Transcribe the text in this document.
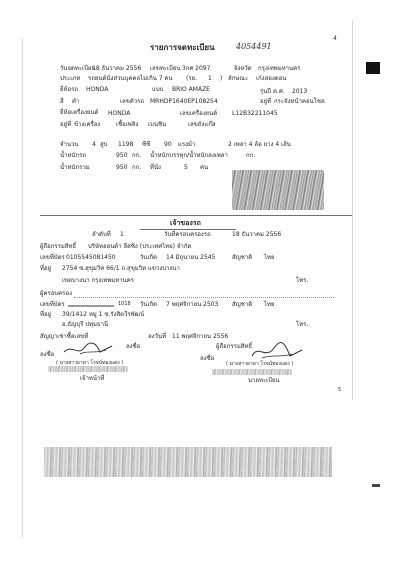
รายการจดทะเบียน	4054491
4
วันจดทะเบียน
18 ธันวาคม 2556 เลขทะเบียน 3กศ 2097	จังหวัด กรุงเทพมหานคร
ประเภท รถยนต์นั่งส่วนบุคคลไม่เกิน 7 คน (รย. 1 ) ลักษณะ เก๋งสองตอน
ยี่ห้อรถ HONDA	แบบ BRIO AMAZE	รุ่นปี ค.ศ. 2013
สี ดำ	เลขตัวรถ MRHDP1640EP108254	อยู่ที่ กระจังหน้าคอนโซล
ยี่ห้อเครื่องยนต์ HONDA	เลขเครื่องยนต์ L12B32211045
อยู่ที่ ข้างเครื่อง	เชื้อเพลิง เบนซิน	เลขถังแก๊ส
จำนวน 4 สูบ 1198 ซีซี 90 แรงม้า	2 เพลา 4 ล้อ ยาง 4 เส้น
น้ำหนักรถ	950 กก. น้ำหนักบรรทุก/น้ำหนักลงเพลา	กก.
น้ำหนักรวม	950 กก. ที่นั่ง	5 คน
เจ้าของรถ
ลำดับที่ 1	วันที่ครอบครองรถ	18 ธันวาคม 2556
ผู้ถือกรรมสิทธิ์ บริษัทฮอนด้า ลีสซิ่ง (ประเทศไทย) จำกัด
เลขที่บัตร 0105545081450	วันเกิด 14 มิถุนายน 2545	สัญชาติ ไทย
ที่อยู่ 2754 ซ.สุขุมวิท 66/1 ถ.สุขุมวิท แขวงบางนา
เขตบางนา กรุงเทพมหานคร	โทร.
ผู้ครอบครอง
เลขที่บัตร	1018 วันเกิด 7 พฤศจิกายน 2503 สัญชาติ ไทย
ที่อยู่ 39/1412 หมู่ 1 ซ.รังสิตวีรพัฒน์
อ.ธัญบุรี ปทุมธานี	โทร.
สัญญาเช่าซื้อเลขที่	ลงวันที่ 11 พฤศจิกายน 2556
ลงชื่อ
ลงชื่อ
( นางสาวธาดา โรจน์ทองแดง )
เจ้าหน้าที่
ผู้ถือกรรมสิทธิ์
ลงชื่อ
( นางสาวธาดา โรจน์ทองแดง )
นายทะเบียน
5
